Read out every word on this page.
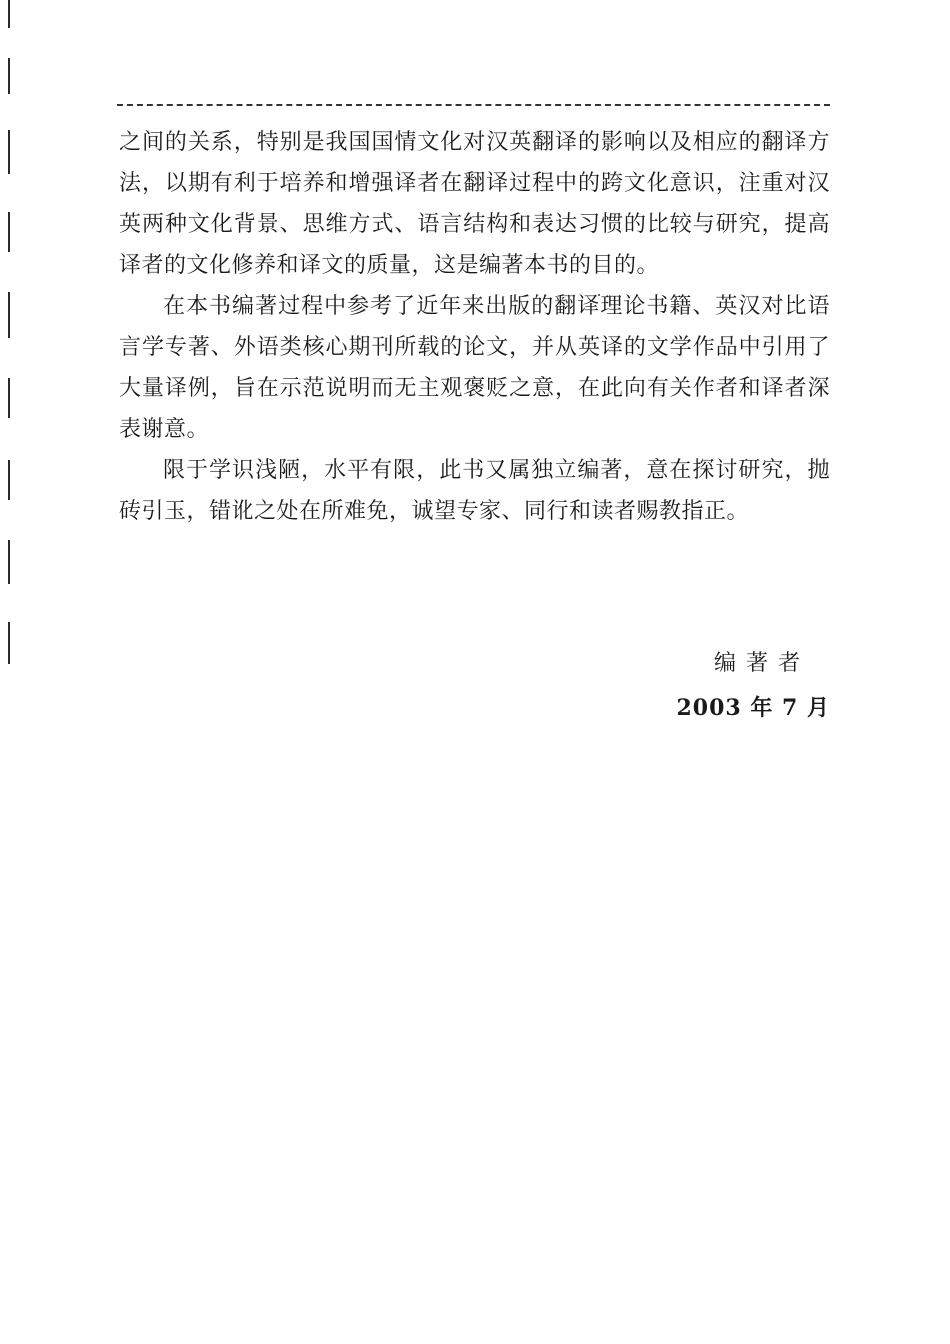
之间的关系，特别是我国国情文化对汉英翻译的影响以及相应的翻译方法，以期有利于培养和增强译者在翻译过程中的跨文化意识，注重对汉英两种文化背景、思维方式、语言结构和表达习惯的比较与研究，提高译者的文化修养和译文的质量，这是编著本书的目的。

在本书编著过程中参考了近年来出版的翻译理论书籍、英汉对比语言学专著、外语类核心期刊所载的论文，并从英译的文学作品中引用了大量译例，旨在示范说明而无主观褒贬之意，在此向有关作者和译者深表谢意。

限于学识浅陋，水平有限，此书又属独立编著，意在探讨研究，抛砖引玉，错讹之处在所难免，诚望专家、同行和读者赐教指正。

编著者
2003 年 7 月
